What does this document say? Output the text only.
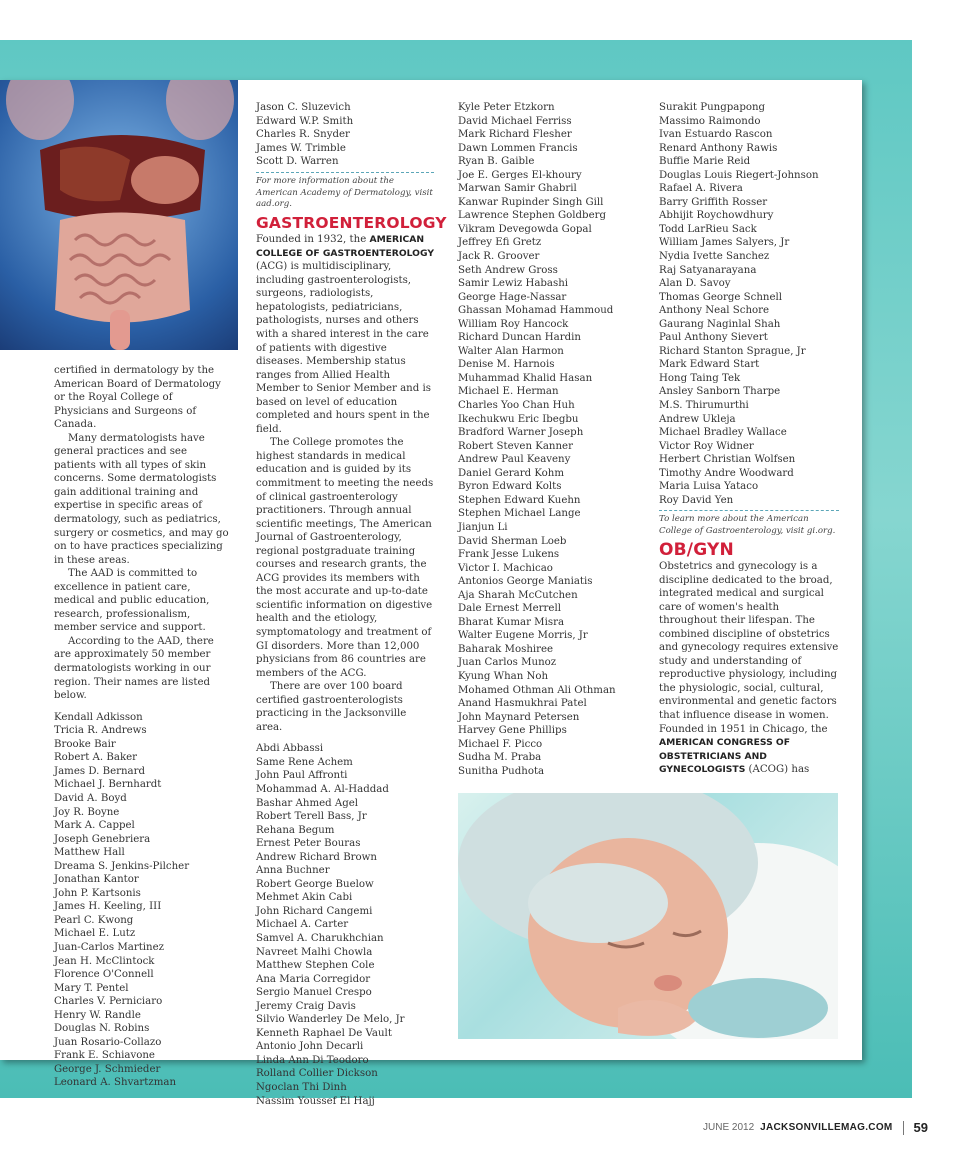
certified in dermatology by the American Board of Dermatology or the Royal College of Physicians and Surgeons of Canada.

Many dermatologists have general practices and see patients with all types of skin concerns. Some dermatologists gain additional training and expertise in specific areas of dermatology, such as pediatrics, surgery or cosmetics, and may go on to have practices specializing in these areas.

The AAD is committed to excellence in patient care, medical and public education, research, professionalism, member service and support.

According to the AAD, there are approximately 50 member dermatologists working in our region. Their names are listed below.

Kendall Adkisson
Tricia R. Andrews
Brooke Bair
Robert A. Baker
James D. Bernard
Michael J. Bernhardt
David A. Boyd
Joy R. Boyne
Mark A. Cappel
Joseph Genebriera
Matthew Hall
Dreama S. Jenkins-Pilcher
Jonathan Kantor
John P. Kartsonis
James H. Keeling, III
Pearl C. Kwong
Michael E. Lutz
Juan-Carlos Martinez
Jean H. McClintock
Florence O'Connell
Mary T. Pentel
Charles V. Perniciaro
Henry W. Randle
Douglas N. Robins
Juan Rosario-Collazo
Frank E. Schiavone
George J. Schmieder
Leonard A. Shvartzman
Jason C. Sluzevich
Edward W.P. Smith
Charles R. Snyder
James W. Trimble
Scott D. Warren

For more information about the American Academy of Dermatology, visit aad.org.

GASTROENTEROLOGY

Founded in 1932, the AMERICAN COLLEGE OF GASTROENTEROLOGY (ACG) is multidisciplinary, including gastroenterologists, surgeons, radiologists, hepatologists, pediatricians, pathologists, nurses and others with a shared interest in the care of patients with digestive diseases. Membership status ranges from Allied Health Member to Senior Member and is based on level of education completed and hours spent in the field.

The College promotes the highest standards in medical education and is guided by its commitment to meeting the needs of clinical gastroenterology practitioners. Through annual scientific meetings, The American Journal of Gastroenterology, regional postgraduate training courses and research grants, the ACG provides its members with the most accurate and up-to-date scientific information on digestive health and the etiology, symptomatology and treatment of GI disorders. More than 12,000 physicians from 86 countries are members of the ACG.

There are over 100 board certified gastroenterologists practicing in the Jacksonville area.

Abdi Abbassi
Same Rene Achem
John Paul Affronti
Mohammad A. Al-Haddad
Bashar Ahmed Agel
Robert Terell Bass, Jr
Rehana Begum
Ernest Peter Bouras
Andrew Richard Brown
Anna Buchner
Robert George Buelow
Mehmet Akin Cabi
John Richard Cangemi
Michael A. Carter
Samvel A. Charukhchian
Navreet Malhi Chowla
Matthew Stephen Cole
Ana Maria Corregidor
Sergio Manuel Crespo
Jeremy Craig Davis
Silvio Wanderley De Melo, Jr
Kenneth Raphael De Vault
Antonio John Decarli
Linda Ann Di Teodoro
Rolland Collier Dickson
Ngoclan Thi Dinh
Nassim Youssef El Hajj
Kyle Peter Etzkorn
David Michael Ferriss
Mark Richard Flesher
Dawn Lommen Francis
Ryan B. Gaible
Joe E. Gerges El-khoury
Marwan Samir Ghabril
Kanwar Rupinder Singh Gill
Lawrence Stephen Goldberg
Vikram Devegowda Gopal
Jeffrey Efi Gretz
Jack R. Groover
Seth Andrew Gross
Samir Lewiz Habashi
George Hage-Nassar
Ghassan Mohamad Hammoud
William Roy Hancock
Richard Duncan Hardin
Walter Alan Harmon
Denise M. Harnois
Muhammad Khalid Hasan
Michael E. Herman
Charles Yoo Chan Huh
Ikechukwu Eric Ibegbu
Bradford Warner Joseph
Robert Steven Kanner
Andrew Paul Keaveny
Daniel Gerard Kohm
Byron Edward Kolts
Stephen Edward Kuehn
Stephen Michael Lange
Jianjun Li
David Sherman Loeb
Frank Jesse Lukens
Victor I. Machicao
Antonios George Maniatis
Aja Sharah McCutchen
Dale Ernest Merrell
Bharat Kumar Misra
Walter Eugene Morris, Jr
Baharak Moshiree
Juan Carlos Munoz
Kyung Whan Noh
Mohamed Othman Ali Othman
Anand Hasmukhrai Patel
John Maynard Petersen
Harvey Gene Phillips
Michael F. Picco
Sudha M. Praba
Sunitha Pudhota
Surakit Pungpapong
Massimo Raimondo
Ivan Estuardo Rascon
Renard Anthony Rawis
Buffie Marie Reid
Douglas Louis Riegert-Johnson
Rafael A. Rivera
Barry Griffith Rosser
Abhijit Roychowdhury
Todd LarRieu Sack
William James Salyers, Jr
Nydia Ivette Sanchez
Raj Satyanarayana
Alan D. Savoy
Thomas George Schnell
Anthony Neal Schore
Gaurang Naginlal Shah
Paul Anthony Sievert
Richard Stanton Sprague, Jr
Mark Edward Start
Hong Taing Tek
Ansley Sanborn Tharpe
M.S. Thirumurthi
Andrew Ukleja
Michael Bradley Wallace
Victor Roy Widner
Herbert Christian Wolfsen
Timothy Andre Woodward
Maria Luisa Yataco
Roy David Yen

To learn more about the American College of Gastroenterology, visit gi.org.

OB/GYN

Obstetrics and gynecology is a discipline dedicated to the broad, integrated medical and surgical care of women's health throughout their lifespan. The combined discipline of obstetrics and gynecology requires extensive study and understanding of reproductive physiology, including the physiologic, social, cultural, environmental and genetic factors that influence disease in women. Founded in 1951 in Chicago, the AMERICAN CONGRESS OF OBSTETRICIANS AND GYNECOLOGISTS (ACOG) has

JUNE 2012 JACKSONVILLEMAG.COM 59
